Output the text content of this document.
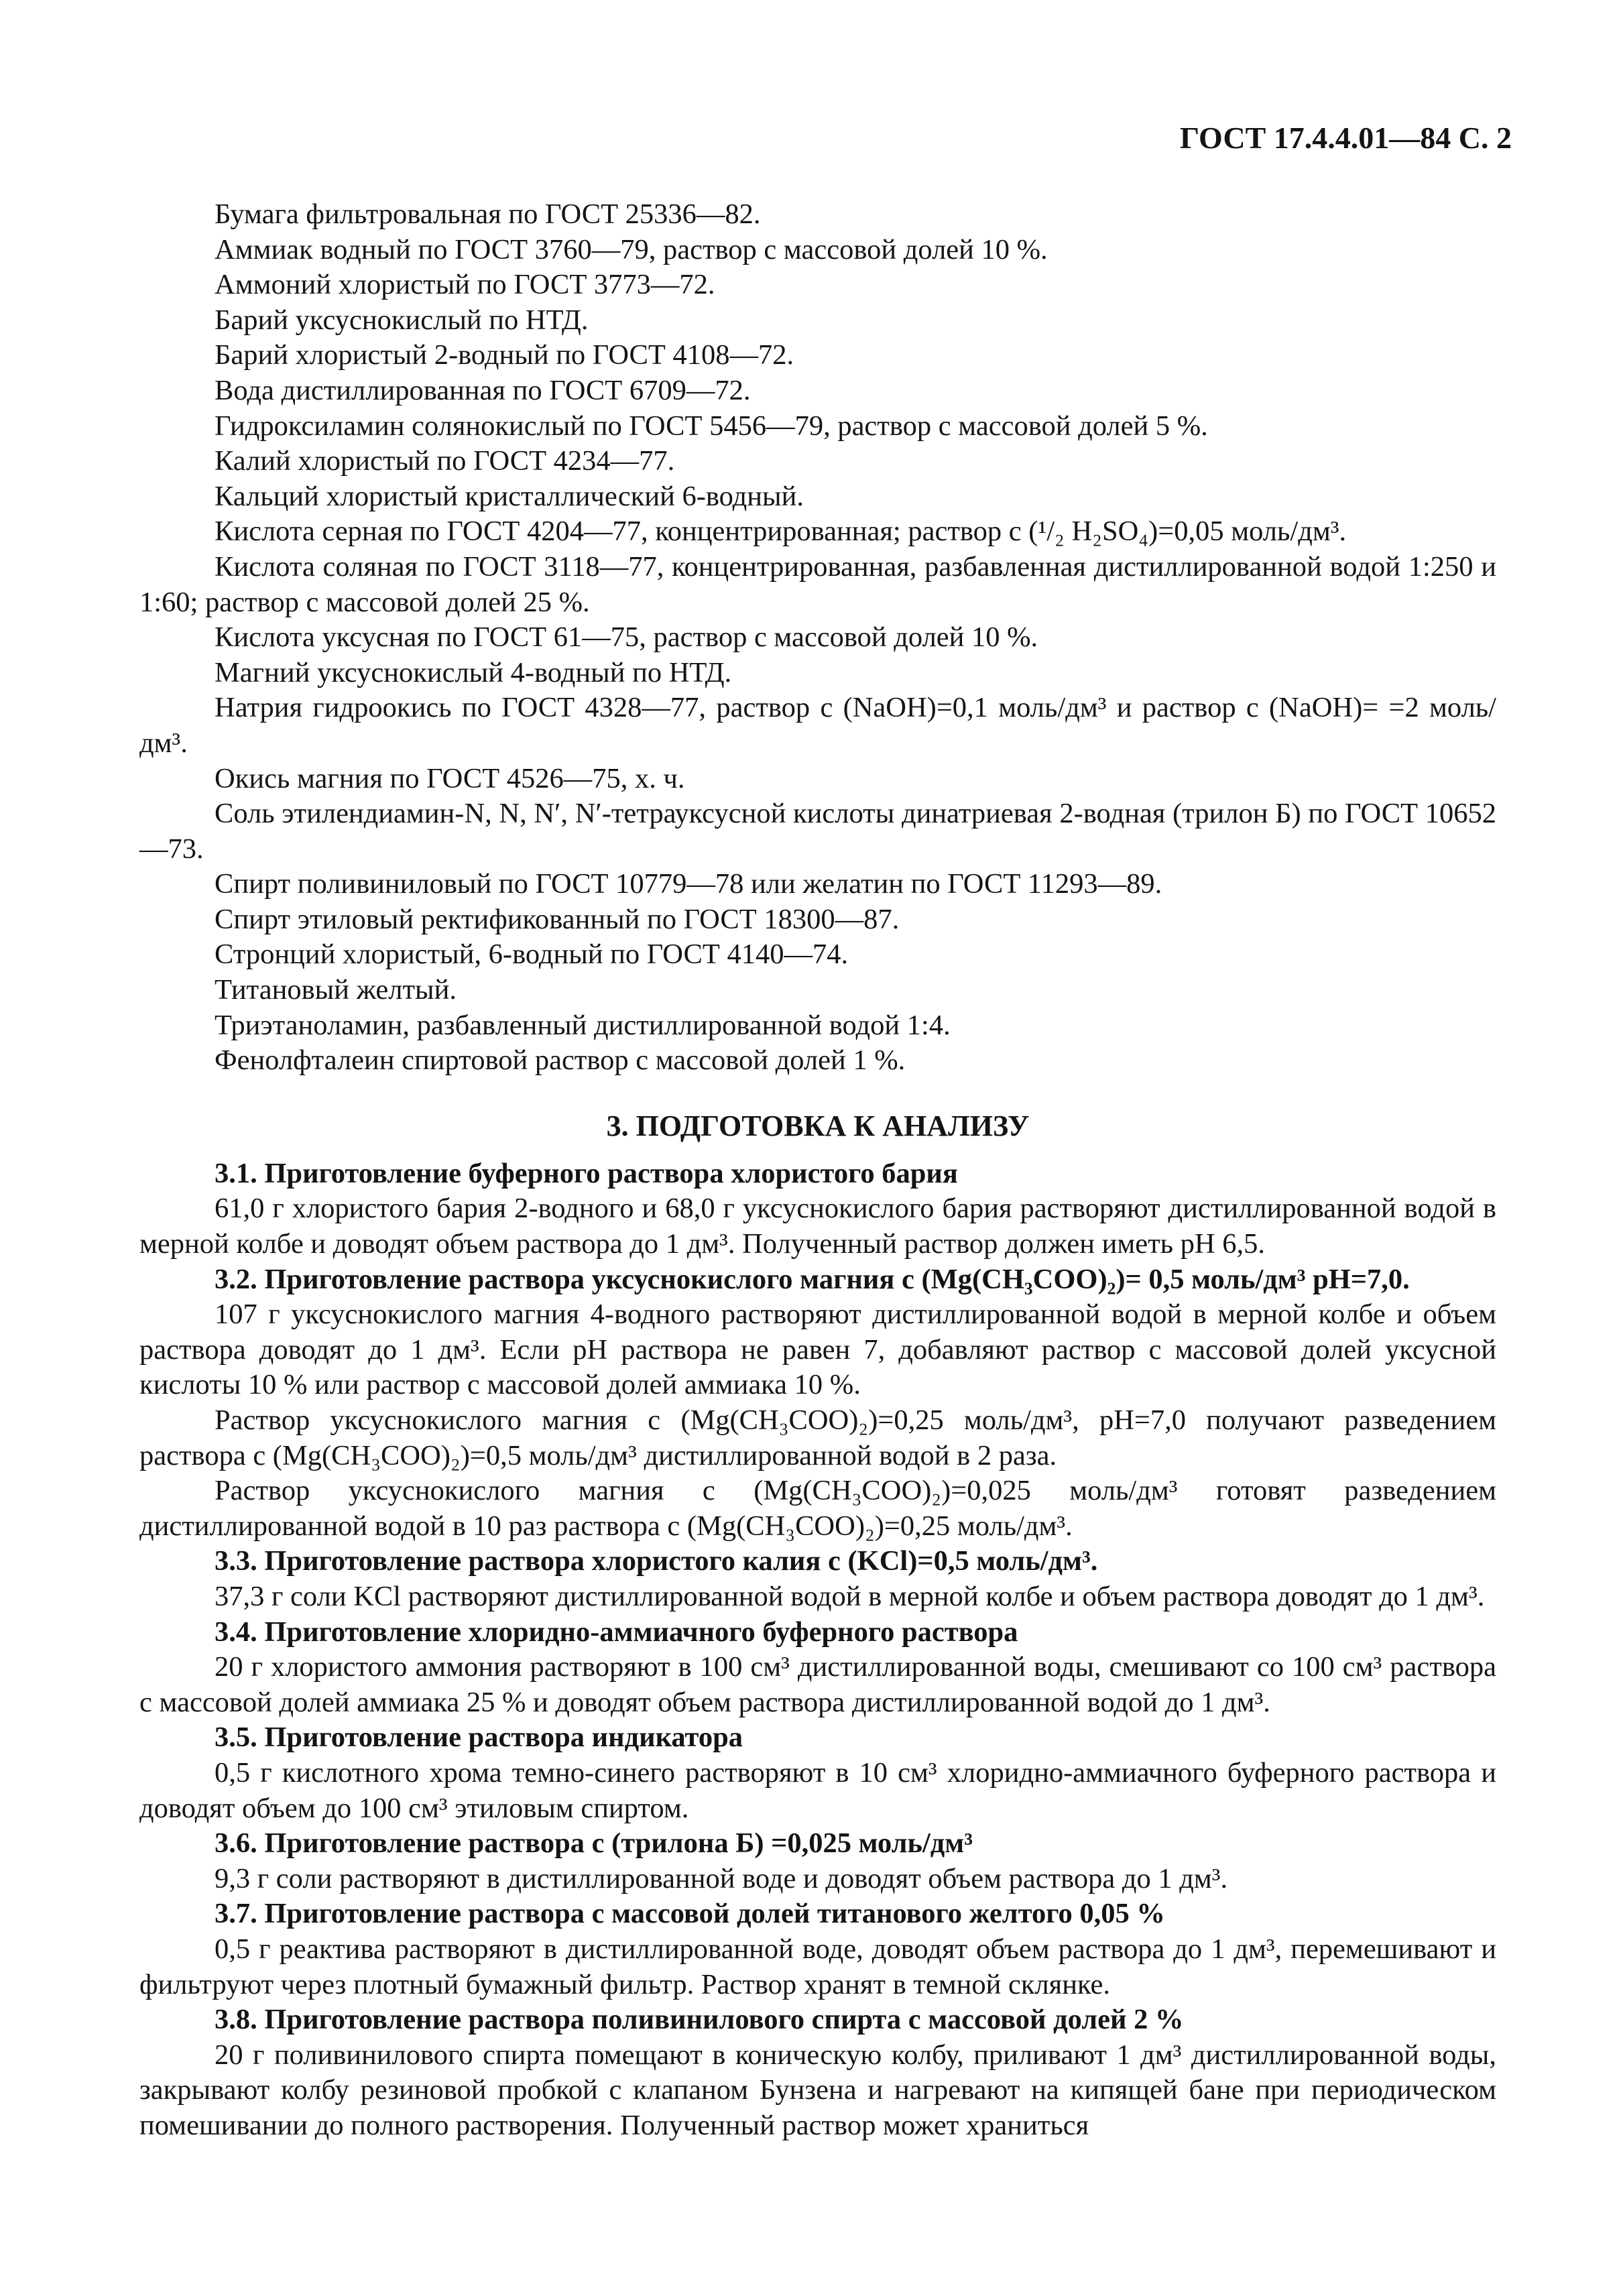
ГОСТ 17.4.4.01—84 С. 2

Бумага фильтровальная по ГОСТ 25336—82.

Аммиак водный по ГОСТ 3760—79, раствор с массовой долей 10 %.

Аммоний хлористый по ГОСТ 3773—72.

Барий уксуснокислый по НТД.

Барий хлористый 2-водный по ГОСТ 4108—72.

Вода дистиллированная по ГОСТ 6709—72.

Гидроксиламин солянокислый по ГОСТ 5456—79, раствор с массовой долей 5 %.

Калий хлористый по ГОСТ 4234—77.

Кальций хлористый кристаллический 6-водный.

Кислота серная по ГОСТ 4204—77, концентрированная; раствор c (¹/₂ H₂SO₄)=0,05 моль/дм³.

Кислота соляная по ГОСТ 3118—77, концентрированная, разбавленная дистиллированной водой 1:250 и 1:60; раствор с массовой долей 25 %.

Кислота уксусная по ГОСТ 61—75, раствор с массовой долей 10 %.

Магний уксуснокислый 4-водный по НТД.

Натрия гидроокись по ГОСТ 4328—77, раствор c (NaOH)=0,1 моль/дм³ и раствор c (NaOH)= =2 моль/дм³.

Окись магния по ГОСТ 4526—75, х. ч.

Соль этилендиамин-N, N, N′, N′-тетрауксусной кислоты динатриевая 2-водная (трилон Б) по ГОСТ 10652—73.

Спирт поливиниловый по ГОСТ 10779—78 или желатин по ГОСТ 11293—89.

Спирт этиловый ректификованный по ГОСТ 18300—87.

Стронций хлористый, 6-водный по ГОСТ 4140—74.

Титановый желтый.

Триэтаноламин, разбавленный дистиллированной водой 1:4.

Фенолфталеин спиртовой раствор с массовой долей 1 %.

3. ПОДГОТОВКА К АНАЛИЗУ

3.1. Приготовление буферного раствора хлористого бария

61,0 г хлористого бария 2-водного и 68,0 г уксуснокислого бария растворяют дистиллированной водой в мерной колбе и доводят объем раствора до 1 дм³. Полученный раствор должен иметь рН 6,5.

3.2. Приготовление раствора уксуснокислого магния c (Mg(CH₃COO)₂)= 0,5 моль/дм³ рН=7,0.

107 г уксуснокислого магния 4-водного растворяют дистиллированной водой в мерной колбе и объем раствора доводят до 1 дм³. Если рН раствора не равен 7, добавляют раствор с массовой долей уксусной кислоты 10 % или раствор с массовой долей аммиака 10 %.

Раствор уксуснокислого магния c (Mg(CH₃COO)₂)=0,25 моль/дм³, рН=7,0 получают разведением раствора c (Mg(CH₃COO)₂)=0,5 моль/дм³ дистиллированной водой в 2 раза.

Раствор уксуснокислого магния c (Mg(CH₃COO)₂)=0,025 моль/дм³ готовят разведением дистиллированной водой в 10 раз раствора c (Mg(CH₃COO)₂)=0,25 моль/дм³.

3.3. Приготовление раствора хлористого калия c (KCl)=0,5 моль/дм³.

37,3 г соли KCl растворяют дистиллированной водой в мерной колбе и объем раствора доводят до 1 дм³.

3.4. Приготовление хлоридно-аммиачного буферного раствора

20 г хлористого аммония растворяют в 100 см³ дистиллированной воды, смешивают со 100 см³ раствора с массовой долей аммиака 25 % и доводят объем раствора дистиллированной водой до 1 дм³.

3.5. Приготовление раствора индикатора

0,5 г кислотного хрома темно-синего растворяют в 10 см³ хлоридно-аммиачного буферного раствора и доводят объем до 100 см³ этиловым спиртом.

3.6. Приготовление раствора c (трилона Б) =0,025 моль/дм³

9,3 г соли растворяют в дистиллированной воде и доводят объем раствора до 1 дм³.

3.7. Приготовление раствора с массовой долей титанового желтого 0,05 %

0,5 г реактива растворяют в дистиллированной воде, доводят объем раствора до 1 дм³, перемешивают и фильтруют через плотный бумажный фильтр. Раствор хранят в темной склянке.

3.8. Приготовление раствора поливинилового спирта с массовой долей 2 %

20 г поливинилового спирта помещают в коническую колбу, приливают 1 дм³ дистиллированной воды, закрывают колбу резиновой пробкой с клапаном Бунзена и нагревают на кипящей бане при периодическом помешивании до полного растворения. Полученный раствор может храниться
